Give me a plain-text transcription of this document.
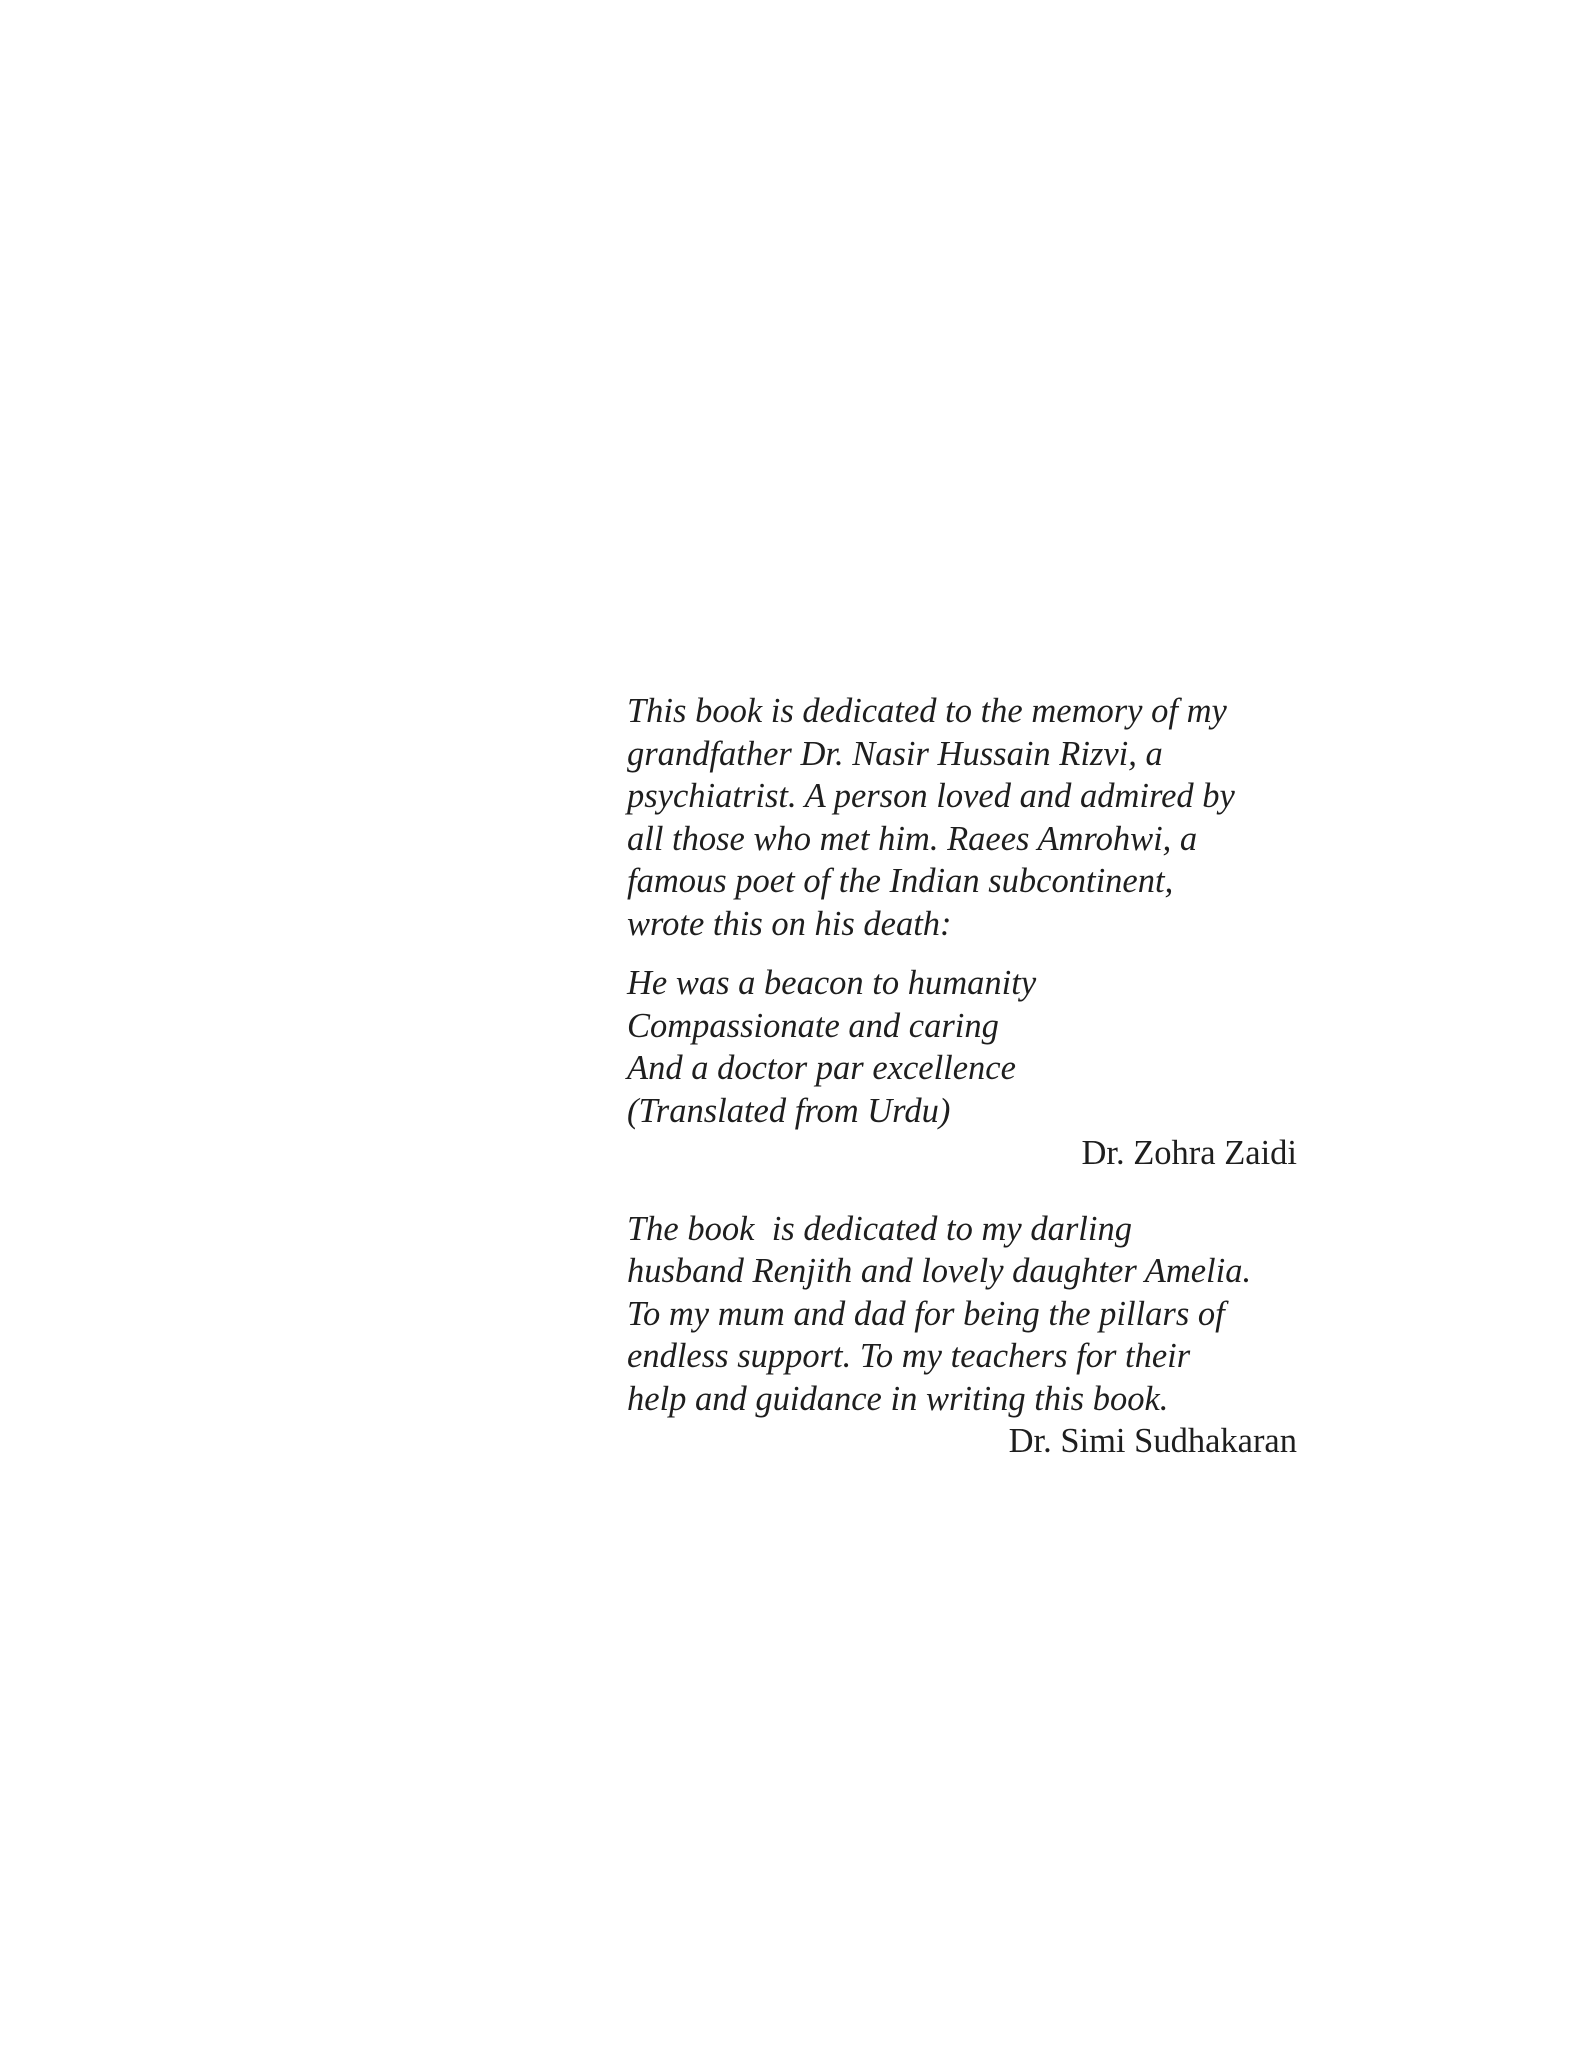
This book is dedicated to the memory of my
grandfather Dr. Nasir Hussain Rizvi, a
psychiatrist. A person loved and admired by
all those who met him. Raees Amrohwi, a
famous poet of the Indian subcontinent,
wrote this on his death:
He was a beacon to humanity
Compassionate and caring
And a doctor par excellence
(Translated from Urdu)
Dr. Zohra Zaidi
The book  is dedicated to my darling
husband Renjith and lovely daughter Amelia.
To my mum and dad for being the pillars of
endless support. To my teachers for their
help and guidance in writing this book.
Dr. Simi Sudhakaran
